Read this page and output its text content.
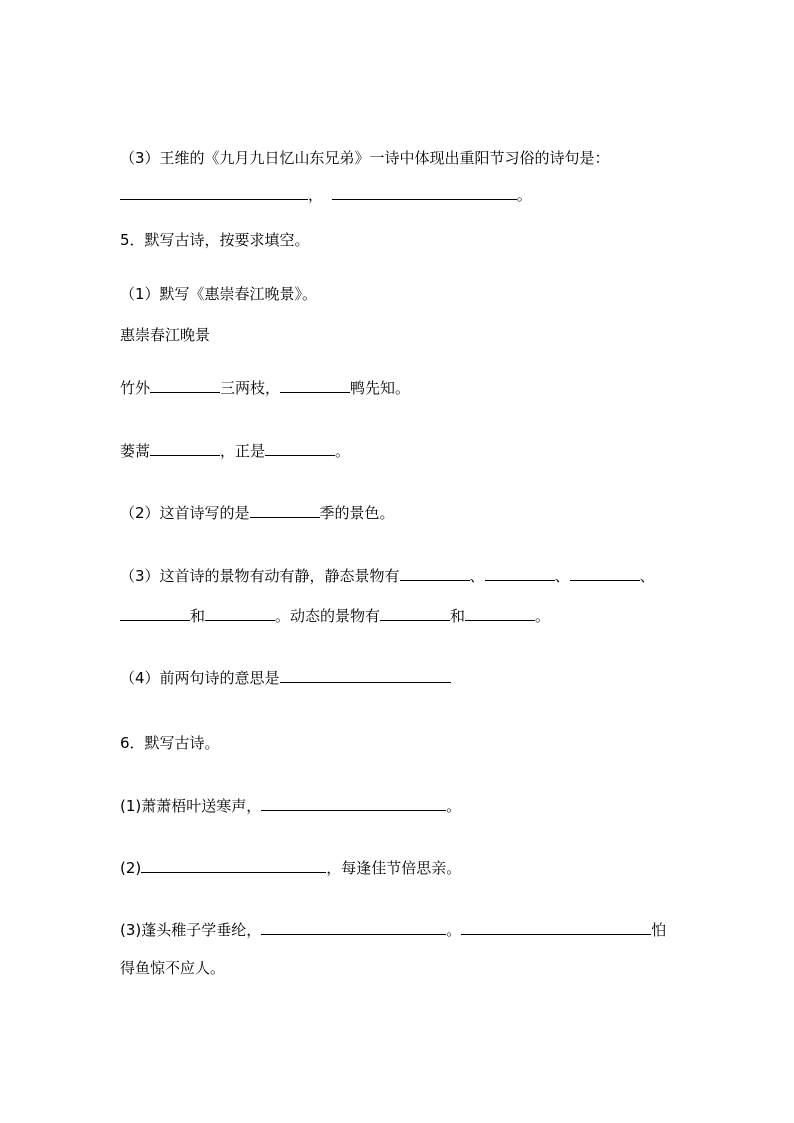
（3）王维的《九月九日忆山东兄弟》一诗中体现出重阳节习俗的诗句是：
，	。
5．默写古诗，按要求填空。
（1）默写《惠崇春江晚景》。
惠崇春江晚景
竹外	三两枝，	鸭先知。
蒌蒿	，正是	。
（2）这首诗写的是	季的景色。
（3）这首诗的景物有动有静，静态景物有	、	、	、
和	。动态的景物有	和	。
（4）前两句诗的意思是
6．默写古诗。
(1)萧萧梧叶送寒声，	。
(2)	，每逢佳节倍思亲。
(3)蓬头稚子学垂纶，	。	怕
得鱼惊不应人。
